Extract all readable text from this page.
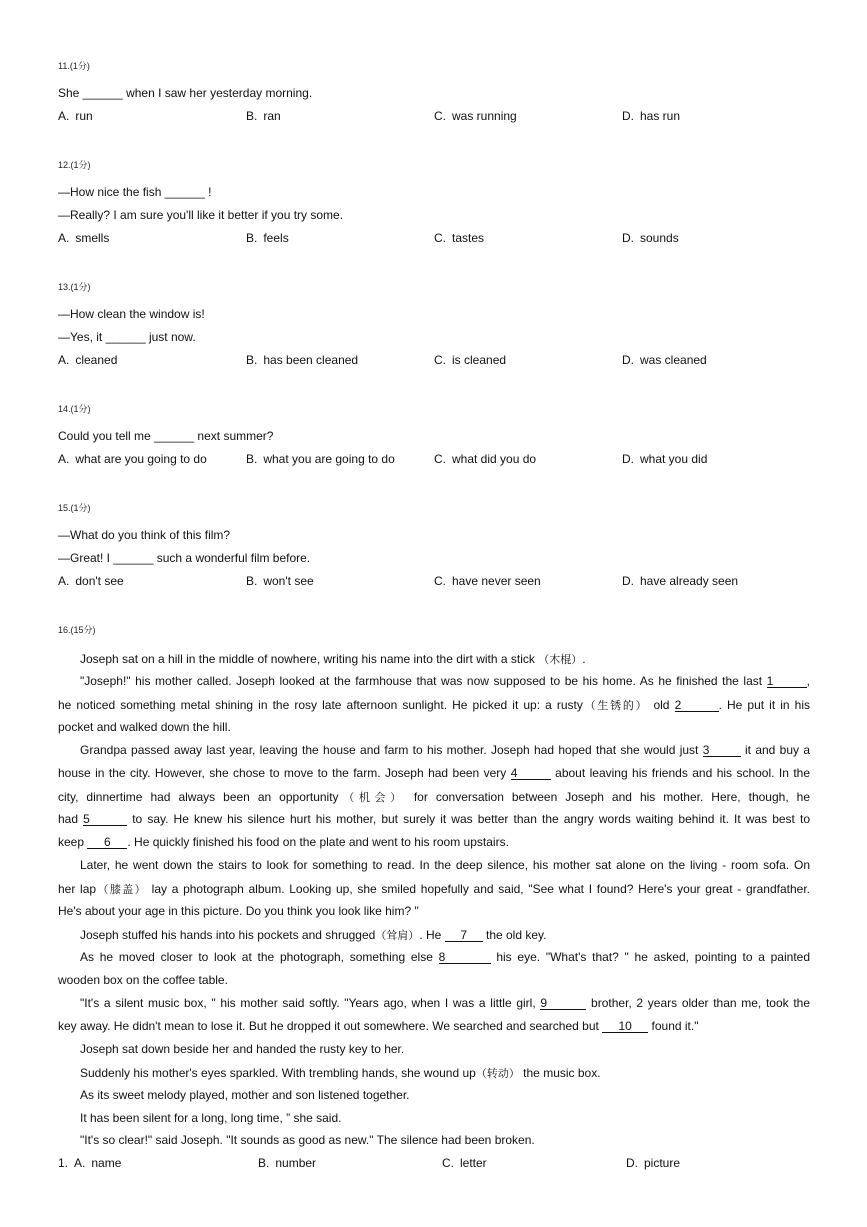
11.(1分)
She ______ when I saw her yesterday morning.
A. run	B. ran	C. was running	D. has run
12.(1分)
—How nice the fish ______ !
—Really? I am sure you'll like it better if you try some.
A. smells	B. feels	C. tastes	D. sounds
13.(1分)
—How clean the window is!
—Yes, it ______ just now.
A. cleaned	B. has been cleaned	C. is cleaned	D. was cleaned
14.(1分)
Could you tell me ______ next summer?
A. what are you going to do	B. what you are going to do	C. what did you do	D. what you did
15.(1分)
—What do you think of this film?
—Great! I ______ such a wonderful film before.
A. don't see	B. won't see	C. have never seen	D. have already seen
16.(15分)
Joseph sat on a hill in the middle of nowhere, writing his name into the dirt with a stick （木棍）.
"Joseph!" his mother called. Joseph looked at the farmhouse that was now supposed to be his home. As he finished the last 1	,
he noticed something metal shining in the rosy late afternoon sunlight. He picked it up: a rusty（生锈的） old 2	. He put it in his
pocket and walked down the hill.
Grandpa passed away last year, leaving the house and farm to his mother. Joseph had hoped that she would just 3	it and buy a
house in the city. However, she chose to move to the farm. Joseph had been very 4	about leaving his friends and his school. In the
city, dinnertime had always been an opportunity（机会） for conversation between Joseph and his mother. Here, though, he
had 5	to say. He knew his silence hurt his mother, but surely it was better than the angry words waiting behind it. It was best to
keep 6 . He quickly finished his food on the plate and went to his room upstairs.
Later, he went down the stairs to look for something to read. In the deep silence, his mother sat alone on the living - room sofa. On
her lap（膝盖） lay a photograph album. Looking up, she smiled hopefully and said, "See what I found? Here's your great - grandfather.
He's about your age in this picture. Do you think you look like him? "
Joseph stuffed his hands into his pockets and shrugged（耸肩）. He 7 the old key.
As he moved closer to look at the photograph, something else 8	his eye. "What's that? " he asked, pointing to a painted
wooden box on the coffee table.
"It's a silent music box, " his mother said softly. "Years ago, when I was a little girl, 9	brother, 2 years older than me, took the
key away. He didn't mean to lose it. But he dropped it out somewhere. We searched and searched but 10 found it."
Joseph sat down beside her and handed the rusty key to her.
Suddenly his mother's eyes sparkled. With trembling hands, she wound up（转动） the music box.
As its sweet melody played, mother and son listened together.
It has been silent for a long, long time, ” she said.
"It's so clear!" said Joseph. "It sounds as good as new." The silence had been broken.
1. A. name	B. number	C. letter	D. picture
